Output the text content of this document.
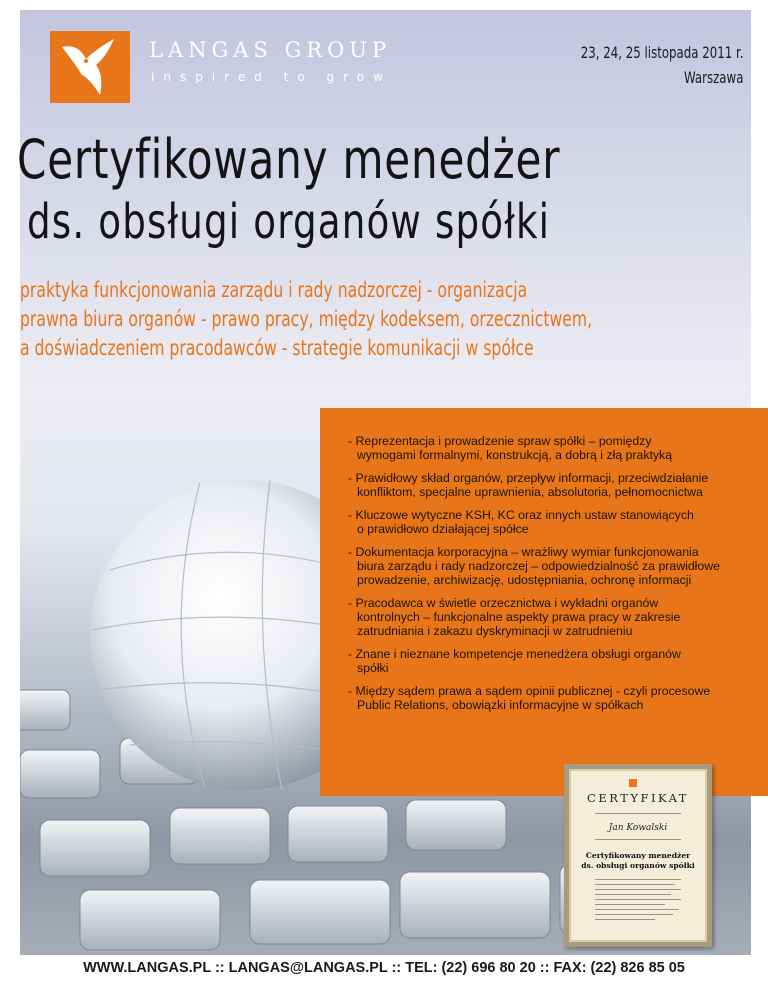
LANGAS GROUP
inspired to grow
23, 24, 25 listopada 2011 r.
Warszawa
Certyfikowany menedżer
ds. obsługi organów spółki
praktyka funkcjonowania zarządu i rady nadzorczej - organizacja
prawna biura organów - prawo pracy, między kodeksem, orzecznictwem,
a doświadczeniem pracodawców - strategie komunikacji w spółce
- Reprezentacja i prowadzenie spraw spółki – pomiędzy
wymogami formalnymi, konstrukcją, a dobrą i złą praktyką
- Prawidłowy skład organów, przepływ informacji, przeciwdziałanie
konfliktom, specjalne uprawnienia, absolutoria, pełnomocnictwa
- Kluczowe wytyczne KSH, KC oraz innych ustaw stanowiących
o prawidłowo działającej spółce
- Dokumentacja korporacyjna – wrażliwy wymiar funkcjonowania
biura zarządu i rady nadzorczej – odpowiedzialność za prawidłowe
prowadzenie, archiwizację, udostępniania, ochronę informacji
- Pracodawca w świetle orzecznictwa i wykładni organów
kontrolnych – funkcjonalne aspekty prawa pracy w zakresie
zatrudniania i zakazu dyskryminacji w zatrudnieniu
- Znane i nieznane kompetencje menedżera obsługi organów
spółki
- Między sądem prawa a sądem opinii publicznej - czyli procesowe
Public Relations, obowiązki informacyjne w spółkach
CERTYFIKAT
Jan Kowalski
Certyfikowany menedżer
ds. obsługi organów spółki
WWW.LANGAS.PL :: LANGAS@LANGAS.PL :: TEL: (22) 696 80 20 :: FAX: (22) 826 85 05
